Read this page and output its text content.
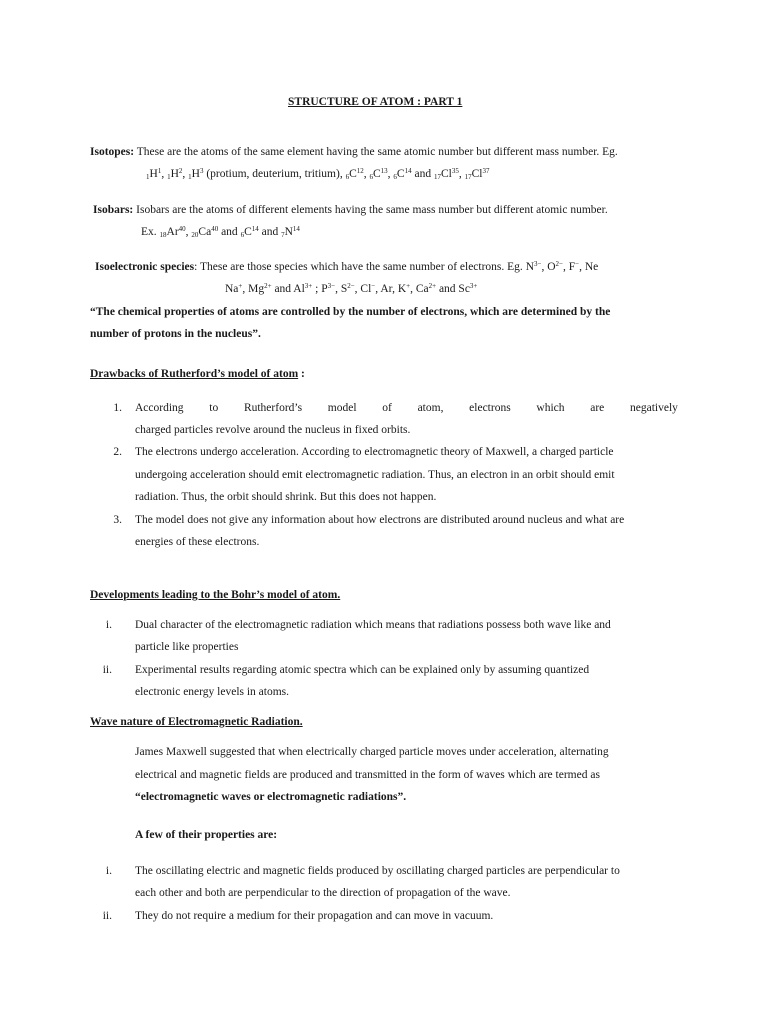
STRUCTURE OF ATOM : PART 1
Isotopes: These are the atoms of the same element having the same atomic number but different mass number. Eg.
$_1H^1$, $_1H^2$, $_1H^3$ (protium, deuterium, tritium), $_6C^{12}$, $_6C^{13}$, $_6C^{14}$ and $_{17}Cl^{35}$, $_{17}Cl^{37}$
Isobars: Isobars are the atoms of different elements having the same mass number but different atomic number.
Ex. $_{18}Ar^{40}$, $_{20}Ca^{40}$ and $_6C^{14}$ and $_7N^{14}$
Isoelectronic species: These are those species which have the same number of electrons. Eg. $N^{3-}$, $O^{2-}$, F−, Ne
Na+, $Mg^{2+}$ and $Al^{3+}$ ; $P^{3-}$, $S^{2-}$, Cl−, Ar, K+, $Ca^{2+}$ and $Sc^{3+}$
“The chemical properties of atoms are controlled by the number of electrons, which are determined by the
number of protons in the nucleus”.
Drawbacks of Rutherford’s model of atom :
1. According to Rutherford’s model of atom, electrons which are negatively
charged particles revolve around the nucleus in fixed orbits.
2. The electrons undergo acceleration. According to electromagnetic theory of Maxwell, a charged particle
undergoing acceleration should emit electromagnetic radiation. Thus, an electron in an orbit should emit
radiation. Thus, the orbit should shrink. But this does not happen.
3. The model does not give any information about how electrons are distributed around nucleus and what are
energies of these electrons.
Developments leading to the Bohr’s model of atom.
i. Dual character of the electromagnetic radiation which means that radiations possess both wave like and
particle like properties
ii. Experimental results regarding atomic spectra which can be explained only by assuming quantized
electronic energy levels in atoms.
Wave nature of Electromagnetic Radiation.
James Maxwell suggested that when electrically charged particle moves under acceleration, alternating
electrical and magnetic fields are produced and transmitted in the form of waves which are termed as
“electromagnetic waves or electromagnetic radiations”.
A few of their properties are:
i. The oscillating electric and magnetic fields produced by oscillating charged particles are perpendicular to
each other and both are perpendicular to the direction of propagation of the wave.
ii. They do not require a medium for their propagation and can move in vacuum.
